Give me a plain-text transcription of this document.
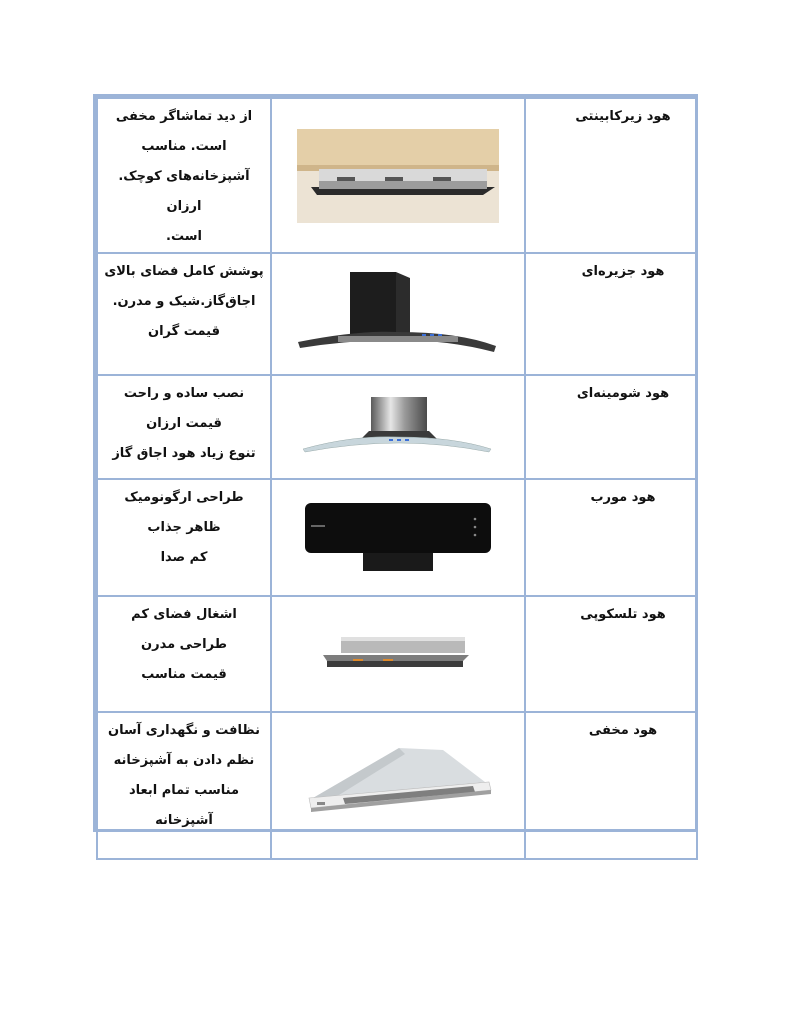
هود زیرکابینتی		از دید تماشاگر مخفی
است. مناسب
آشپزخانه‌های کوچک. ارزان
است.

هود جزیره‌ای		پوشش کامل فضای بالای
اجاق‌گاز.شیک و مدرن.
قیمت گران

هود شومینه‌ای		نصب ساده و راحت
قیمت ارزان
تنوع زیاد هود اجاق گاز

هود مورب		طراحی ارگونومیک
ظاهر جذاب
کم صدا

هود تلسکوپی		اشغال فضای کم
طراحی مدرن
قیمت مناسب

هود مخفی		نظافت و نگهداری آسان
نظم دادن به آشپزخانه
مناسب تمام ابعاد
آشپزخانه
